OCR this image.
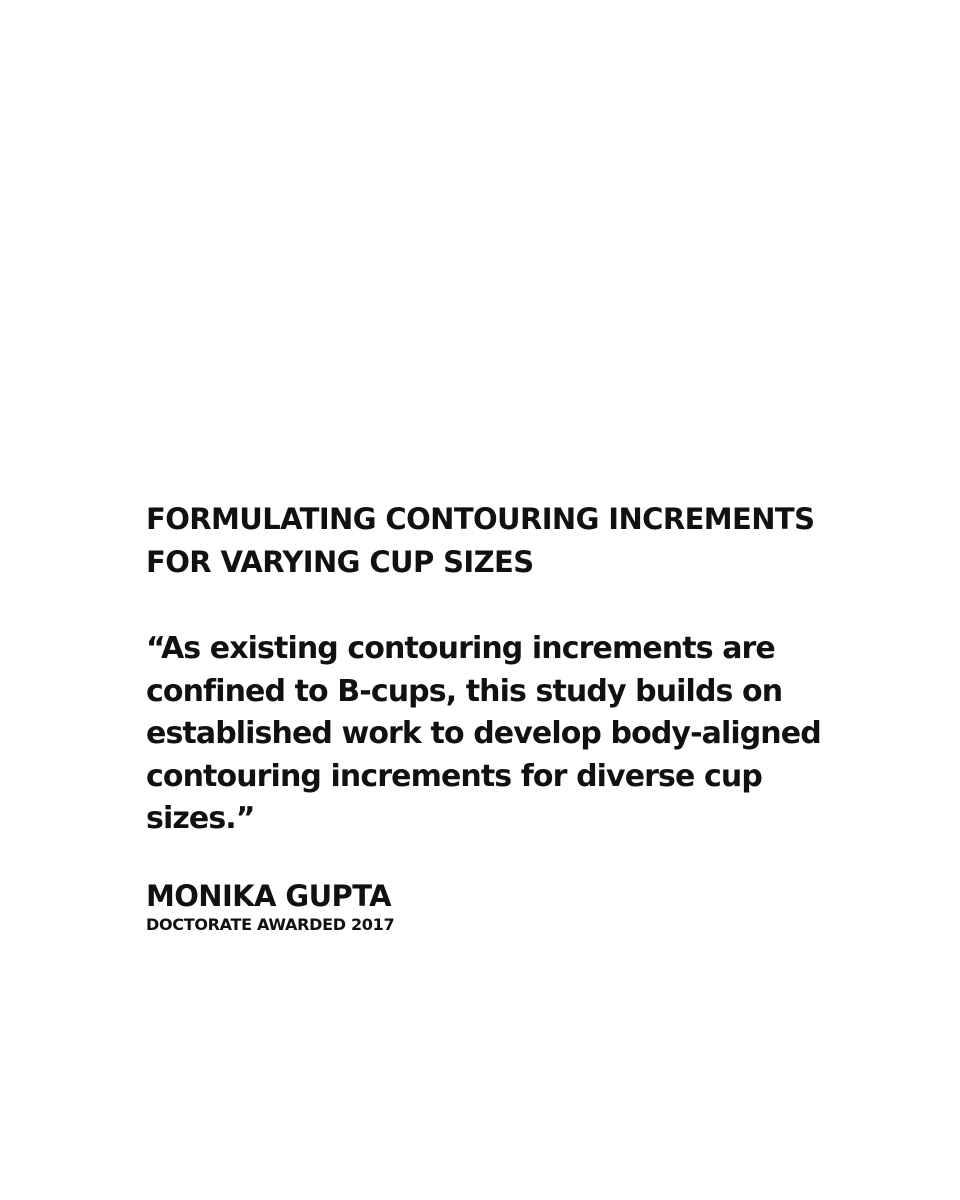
FORMULATING CONTOURING INCREMENTS
FOR VARYING CUP SIZES
“As existing contouring increments are
confined to B-cups, this study builds on
established work to develop body-aligned
contouring increments for diverse cup
sizes.”
MONIKA GUPTA
DOCTORATE AWARDED 2017
